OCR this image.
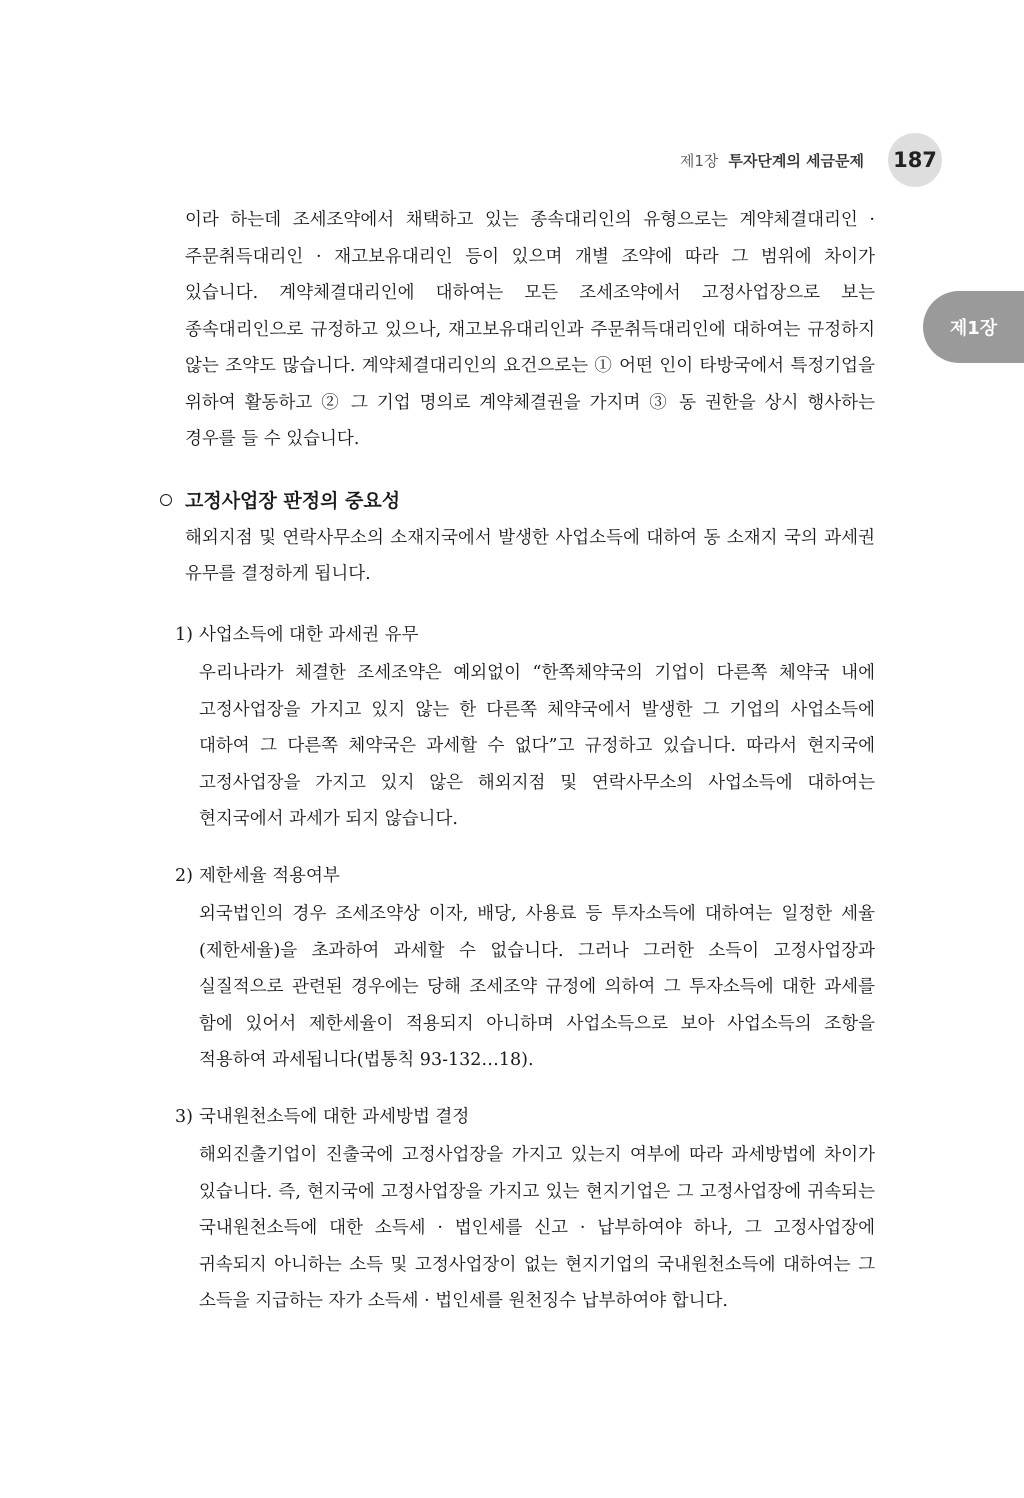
제1장 투자단계의 세금문제 187
제1장

이라 하는데 조세조약에서 채택하고 있는 종속대리인의 유형으로는 계약체결대리인 · 주문취득대리인 · 재고보유대리인 등이 있으며 개별 조약에 따라 그 범위에 차이가 있습니다. 계약체결대리인에 대하여는 모든 조세조약에서 고정사업장으로 보는 종속대리인으로 규정하고 있으나, 재고보유대리인과 주문취득대리인에 대하여는 규정하지 않는 조약도 많습니다. 계약체결대리인의 요건으로는 ① 어떤 인이 타방국에서 특정기업을 위하여 활동하고 ② 그 기업 명의로 계약체결권을 가지며 ③ 동 권한을 상시 행사하는 경우를 들 수 있습니다.

고정사업장 판정의 중요성

해외지점 및 연락사무소의 소재지국에서 발생한 사업소득에 대하여 동 소재지 국의 과세권 유무를 결정하게 됩니다.

1) 사업소득에 대한 과세권 유무

우리나라가 체결한 조세조약은 예외없이 “한쪽체약국의 기업이 다른쪽 체약국 내에 고정사업장을 가지고 있지 않는 한 다른쪽 체약국에서 발생한 그 기업의 사업소득에 대하여 그 다른쪽 체약국은 과세할 수 없다”고 규정하고 있습니다. 따라서 현지국에 고정사업장을 가지고 있지 않은 해외지점 및 연락사무소의 사업소득에 대하여는 현지국에서 과세가 되지 않습니다.

2) 제한세율 적용여부

외국법인의 경우 조세조약상 이자, 배당, 사용료 등 투자소득에 대하여는 일정한 세율(제한세율)을 초과하여 과세할 수 없습니다. 그러나 그러한 소득이 고정사업장과 실질적으로 관련된 경우에는 당해 조세조약 규정에 의하여 그 투자소득에 대한 과세를 함에 있어서 제한세율이 적용되지 아니하며 사업소득으로 보아 사업소득의 조항을 적용하여 과세됩니다(법통칙 93-132…18).

3) 국내원천소득에 대한 과세방법 결정

해외진출기업이 진출국에 고정사업장을 가지고 있는지 여부에 따라 과세방법에 차이가 있습니다. 즉, 현지국에 고정사업장을 가지고 있는 현지기업은 그 고정사업장에 귀속되는 국내원천소득에 대한 소득세 · 법인세를 신고 · 납부하여야 하나, 그 고정사업장에 귀속되지 아니하는 소득 및 고정사업장이 없는 현지기업의 국내원천소득에 대하여는 그 소득을 지급하는 자가 소득세 · 법인세를 원천징수 납부하여야 합니다.
